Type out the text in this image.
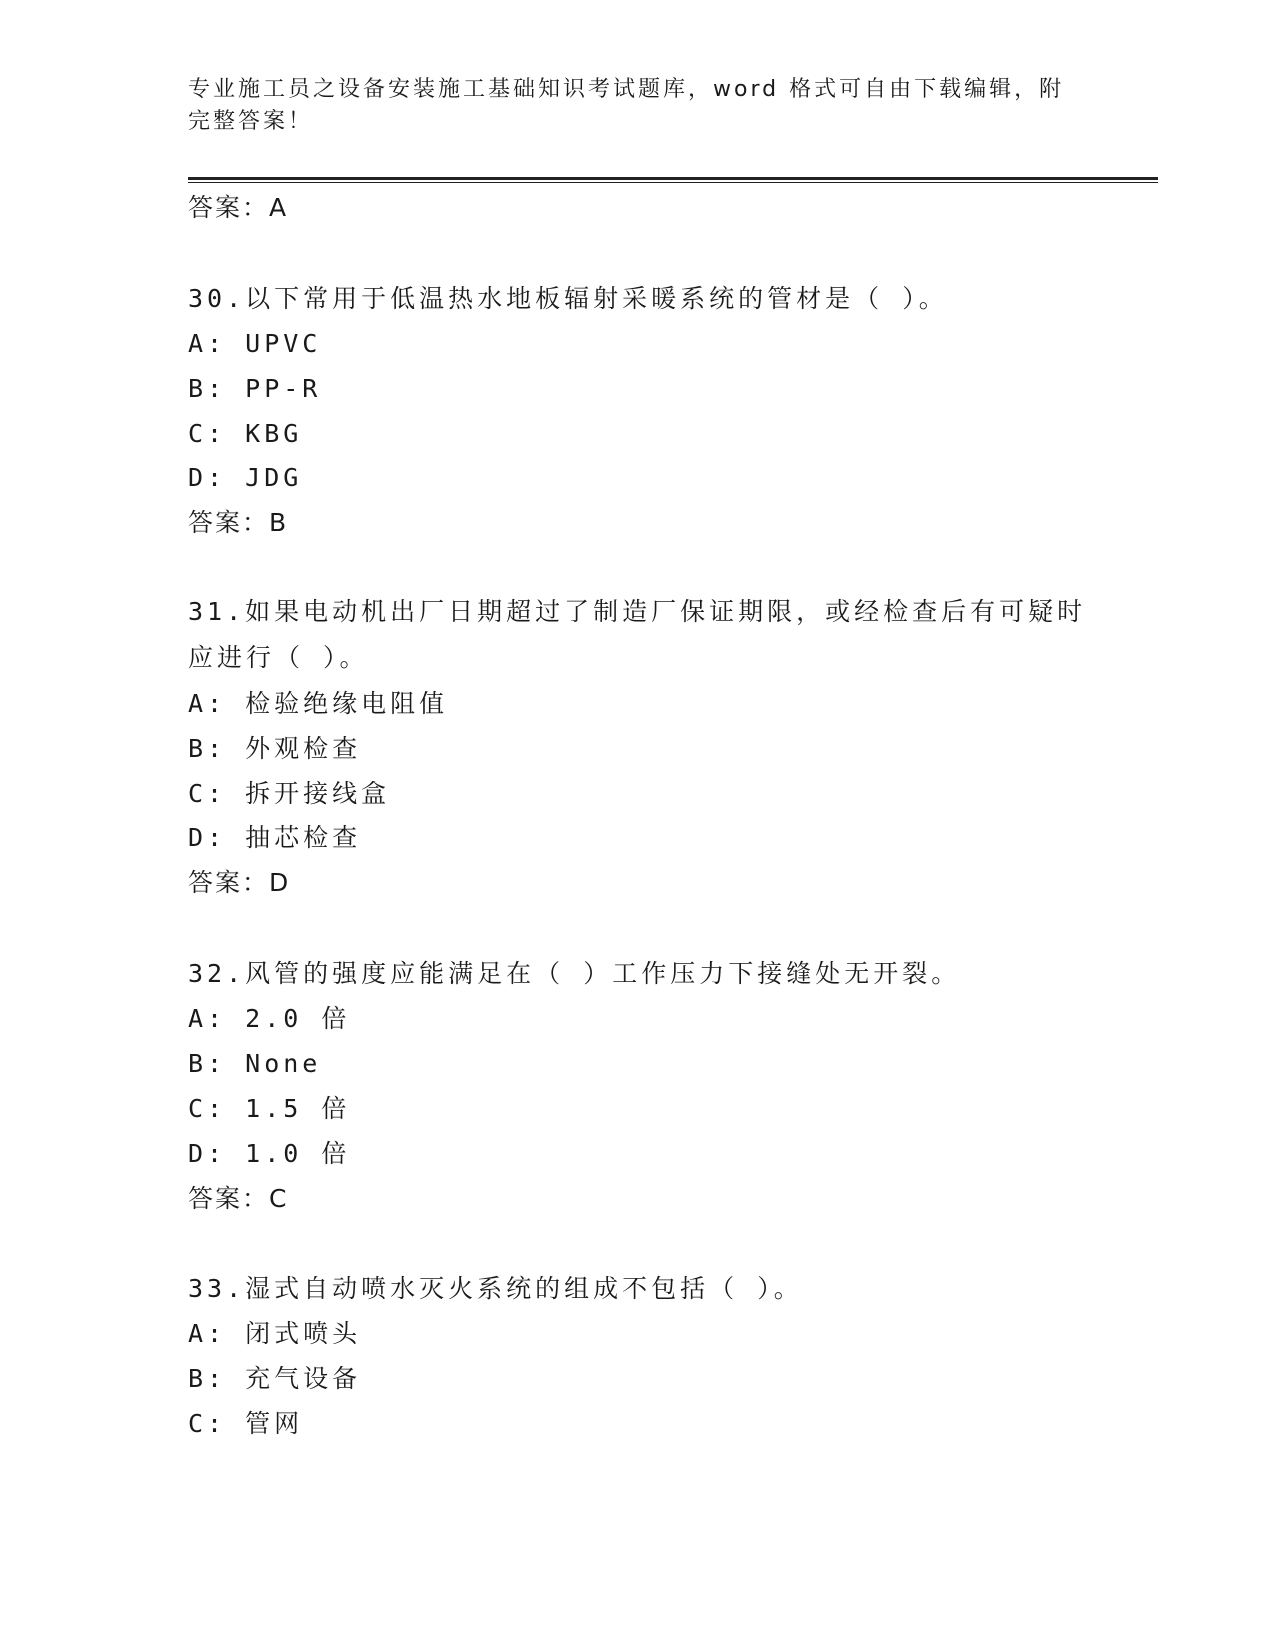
专业施工员之设备安装施工基础知识考试题库，word 格式可自由下载编辑，附完整答案！
答案：A
30.以下常用于低温热水地板辐射采暖系统的管材是（ ）。
A: UPVC
B: PP-R
C: KBG
D: JDG
答案：B
31.如果电动机出厂日期超过了制造厂保证期限，或经检查后有可疑时应进行（ ）。
A: 检验绝缘电阻值
B: 外观检查
C: 拆开接线盒
D: 抽芯检查
答案：D
32.风管的强度应能满足在（ ）工作压力下接缝处无开裂。
A: 2.0 倍
B: None
C: 1.5 倍
D: 1.0 倍
答案：C
33.湿式自动喷水灭火系统的组成不包括（ ）。
A: 闭式喷头
B: 充气设备
C: 管网
